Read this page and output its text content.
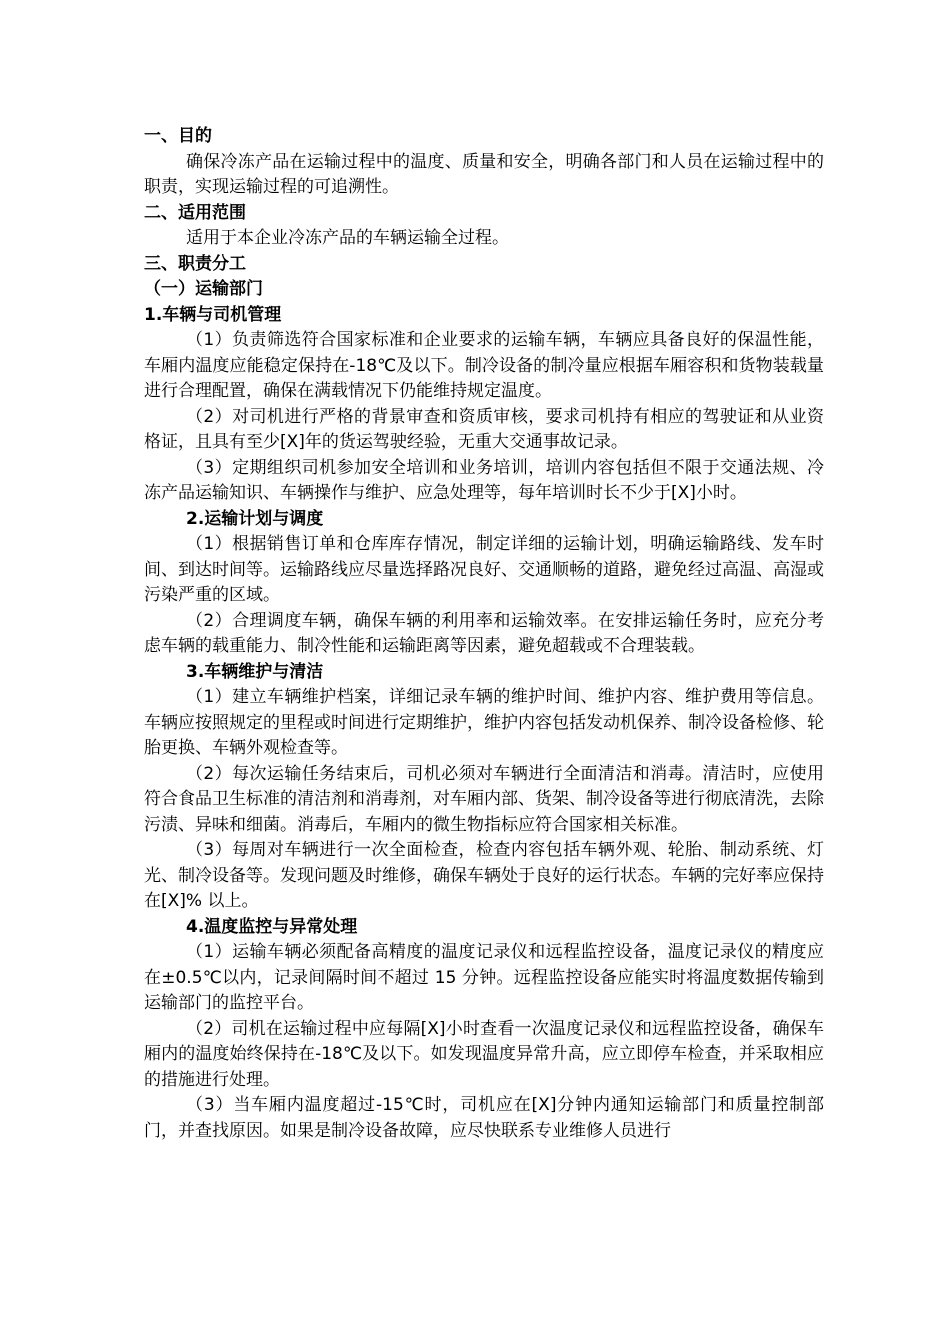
一、目的

确保冷冻产品在运输过程中的温度、质量和安全，明确各部门和人员在运输过程中的职责，实现运输过程的可追溯性。

二、适用范围

适用于本企业冷冻产品的车辆运输全过程。

三、职责分工
（一）运输部门
1.车辆与司机管理

（1）负责筛选符合国家标准和企业要求的运输车辆，车辆应具备良好的保温性能，车厢内温度应能稳定保持在-18℃及以下。制冷设备的制冷量应根据车厢容积和货物装载量进行合理配置，确保在满载情况下仍能维持规定温度。

（2）对司机进行严格的背景审查和资质审核，要求司机持有相应的驾驶证和从业资格证，且具有至少[X]年的货运驾驶经验，无重大交通事故记录。

（3）定期组织司机参加安全培训和业务培训，培训内容包括但不限于交通法规、冷冻产品运输知识、车辆操作与维护、应急处理等，每年培训时长不少于[X]小时。

2.运输计划与调度

（1）根据销售订单和仓库库存情况，制定详细的运输计划，明确运输路线、发车时间、到达时间等。运输路线应尽量选择路况良好、交通顺畅的道路，避免经过高温、高湿或污染严重的区域。

（2）合理调度车辆，确保车辆的利用率和运输效率。在安排运输任务时，应充分考虑车辆的载重能力、制冷性能和运输距离等因素，避免超载或不合理装载。

3.车辆维护与清洁

（1）建立车辆维护档案，详细记录车辆的维护时间、维护内容、维护费用等信息。车辆应按照规定的里程或时间进行定期维护，维护内容包括发动机保养、制冷设备检修、轮胎更换、车辆外观检查等。

（2）每次运输任务结束后，司机必须对车辆进行全面清洁和消毒。清洁时，应使用符合食品卫生标准的清洁剂和消毒剂，对车厢内部、货架、制冷设备等进行彻底清洗，去除污渍、异味和细菌。消毒后，车厢内的微生物指标应符合国家相关标准。

（3）每周对车辆进行一次全面检查，检查内容包括车辆外观、轮胎、制动系统、灯光、制冷设备等。发现问题及时维修，确保车辆处于良好的运行状态。车辆的完好率应保持在[X]% 以上。

4.温度监控与异常处理

（1）运输车辆必须配备高精度的温度记录仪和远程监控设备，温度记录仪的精度应在±0.5℃以内，记录间隔时间不超过 15 分钟。远程监控设备应能实时将温度数据传输到运输部门的监控平台。

（2）司机在运输过程中应每隔[X]小时查看一次温度记录仪和远程监控设备，确保车厢内的温度始终保持在-18℃及以下。如发现温度异常升高，应立即停车检查，并采取相应的措施进行处理。

（3）当车厢内温度超过-15℃时，司机应在[X]分钟内通知运输部门和质量控制部门，并查找原因。如果是制冷设备故障，应尽快联系专业维修人员进行
